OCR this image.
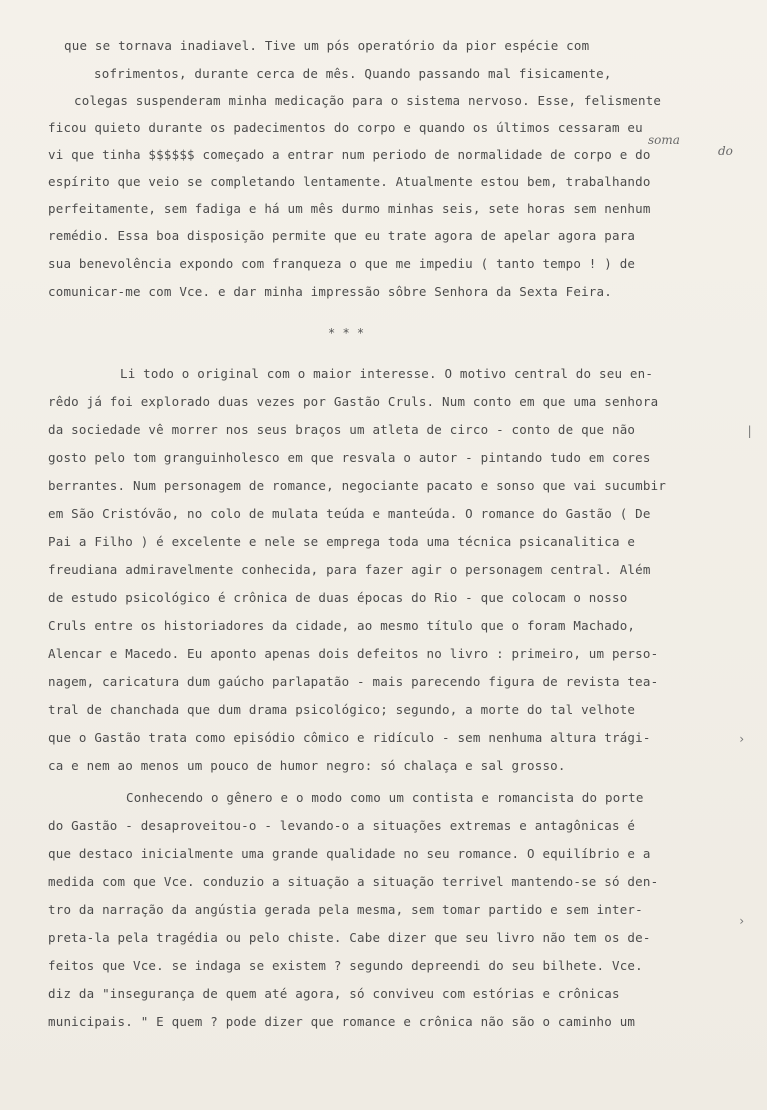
que se tornava inadiavel. Tive um pós operatório da pior espécie com
sofrimentos, durante cerca de mês. Quando passando mal fisicamente,
colegas suspenderam minha medicação para o sistema nervoso. Esse, felismente
ficou quieto durante os padecimentos do corpo e quando os últimos cessaram eu
vi que tinha $$$$$$ começado a entrar num periodo de normalidade de corpo e do
espírito que veio se completando lentamente. Atualmente estou bem, trabalhando
perfeitamente, sem fadiga e há um mês durmo minhas seis, sete horas sem nenhum
remédio. Essa boa disposição permite que eu trate agora de apelar agora para
sua benevolência expondo com franqueza o que me impediu ( tanto tempo ! ) de
comunicar-me com Vce. e dar minha impressão sôbre Senhora da Sexta Feira.
soma
do
* * *
Li todo o original com o maior interesse. O motivo central do seu en-
rêdo já foi explorado duas vezes por Gastão Cruls. Num conto em que uma senhora
da sociedade vê morrer nos seus braços um atleta de circo - conto de que não
gosto pelo tom granguinholesco em que resvala o autor - pintando tudo em cores
berrantes. Num personagem de romance, negociante pacato e sonso que vai sucumbir
em São Cristóvão, no colo de mulata teúda e manteúda. O romance do Gastão ( De
Pai a Filho ) é excelente e nele se emprega toda uma técnica psicanalitica e
freudiana admiravelmente conhecida, para fazer agir o personagem central. Além
de estudo psicológico é crônica de duas épocas do Rio - que colocam o nosso
Cruls entre os historiadores da cidade, ao mesmo título que o foram Machado,
Alencar e Macedo. Eu aponto apenas dois defeitos no livro : primeiro, um perso-
nagem, caricatura dum gaúcho parlapatão - mais parecendo figura de revista tea-
tral de chanchada que dum drama psicológico; segundo, a morte do tal velhote
que o Gastão trata como episódio cômico e ridículo - sem nenhuma altura trági-
ca e nem ao menos um pouco de humor negro: só chalaça e sal grosso.
Conhecendo o gênero e o modo como um contista e romancista do porte
do Gastão - desaproveitou-o - levando-o a situações extremas e antagônicas é
que destaco inicialmente uma grande qualidade no seu romance. O equilíbrio e a
medida com que Vce. conduzio a situação a situação terrivel mantendo-se só den-
tro da narração da angústia gerada pela mesma, sem tomar partido e sem inter-
preta-la pela tragédia ou pelo chiste. Cabe dizer que seu livro não tem os de-
feitos que Vce. se indaga se existem ? segundo depreendi do seu bilhete. Vce.
diz da "insegurança de quem até agora, só conviveu com estórias e crônicas
municipais. " E quem ? pode dizer que romance e crônica não são o caminho um
|
›
›
